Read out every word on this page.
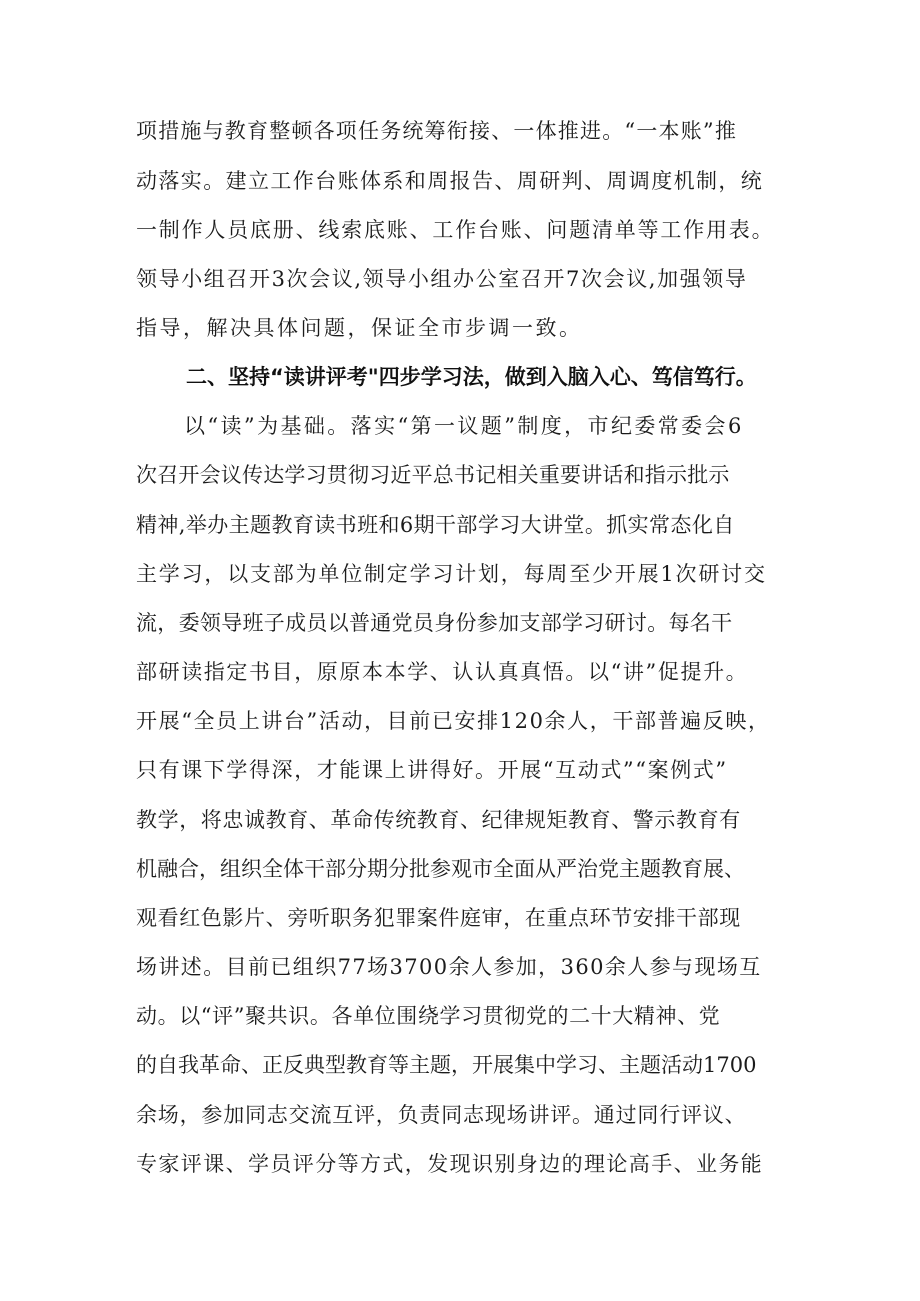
项措施与教育整顿各项任务统筹衔接、一体推进。“一本账”推
动落实。建立工作台账体系和周报告、周研判、周调度机制，统
一制作人员底册、线索底账、工作台账、问题清单等工作用表。
领导小组召开3次会议,领导小组办公室召开7次会议,加强领导
指导，解决具体问题，保证全市步调一致。
二、坚持“读讲评考"四步学习法，做到入脑入心、笃信笃行。
以“读”为基础。落实“第一议题”制度，市纪委常委会6
次召开会议传达学习贯彻习近平总书记相关重要讲话和指示批示
精神,举办主题教育读书班和6期干部学习大讲堂。抓实常态化自
主学习，以支部为单位制定学习计划，每周至少开展1次研讨交
流，委领导班子成员以普通党员身份参加支部学习研讨。每名干
部研读指定书目，原原本本学、认认真真悟。以“讲”促提升。
开展“全员上讲台”活动，目前已安排120余人，干部普遍反映，
只有课下学得深，才能课上讲得好。开展“互动式”“案例式”
教学，将忠诚教育、革命传统教育、纪律规矩教育、警示教育有
机融合，组织全体干部分期分批参观市全面从严治党主题教育展、
观看红色影片、旁听职务犯罪案件庭审，在重点环节安排干部现
场讲述。目前已组织77场3700余人参加，360余人参与现场互
动。以“评”聚共识。各单位围绕学习贯彻党的二十大精神、党
的自我革命、正反典型教育等主题，开展集中学习、主题活动1700
余场，参加同志交流互评，负责同志现场讲评。通过同行评议、
专家评课、学员评分等方式，发现识别身边的理论高手、业务能
